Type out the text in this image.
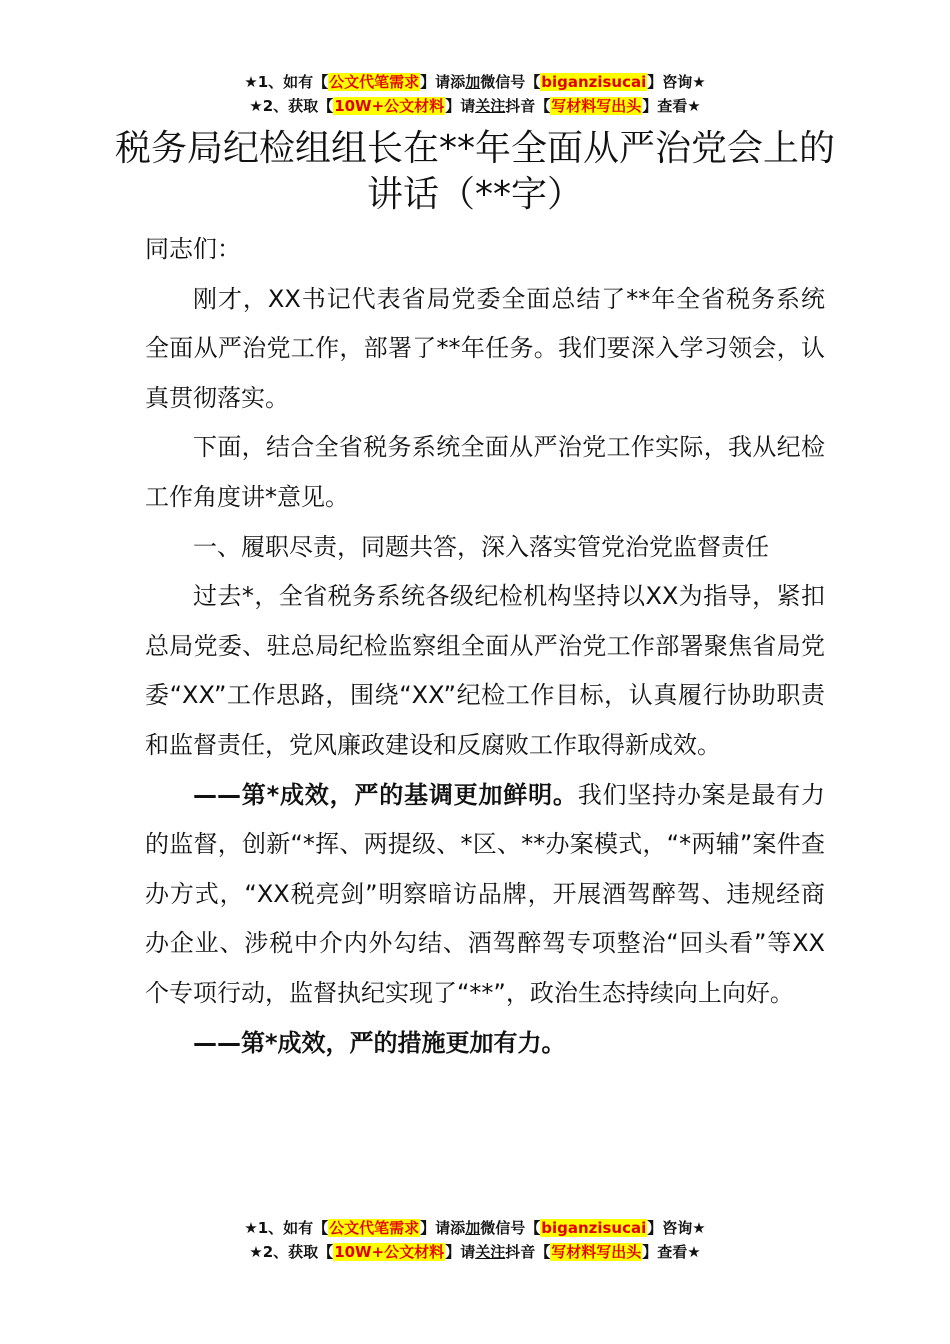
★1、如有【公文代笔需求】请添加微信号【biganzisucai】咨询★
★2、获取【10W+公文材料】请关注抖音【写材料写出头】查看★
税务局纪检组组长在**年全面从严治党会上的讲话（**字）

同志们：

刚才，XX书记代表省局党委全面总结了**年全省税务系统全面从严治党工作，部署了**年任务。我们要深入学习领会，认真贯彻落实。

下面，结合全省税务系统全面从严治党工作实际，我从纪检工作角度讲*意见。

一、履职尽责，同题共答，深入落实管党治党监督责任

过去*，全省税务系统各级纪检机构坚持以XX为指导，紧扣总局党委、驻总局纪检监察组全面从严治党工作部署聚焦省局党委“XX”工作思路，围绕“XX”纪检工作目标，认真履行协助职责和监督责任，党风廉政建设和反腐败工作取得新成效。

——第*成效，严的基调更加鲜明。我们坚持办案是最有力的监督，创新“*挥、两提级、*区、**办案模式，“*两辅”案件查办方式，“XX税亮剑”明察暗访品牌，开展酒驾醉驾、违规经商办企业、涉税中介内外勾结、酒驾醉驾专项整治“回头看”等XX个专项行动，监督执纪实现了“**”，政治生态持续向上向好。

——第*成效，严的措施更加有力。

★1、如有【公文代笔需求】请添加微信号【biganzisucai】咨询★
★2、获取【10W+公文材料】请关注抖音【写材料写出头】查看★
